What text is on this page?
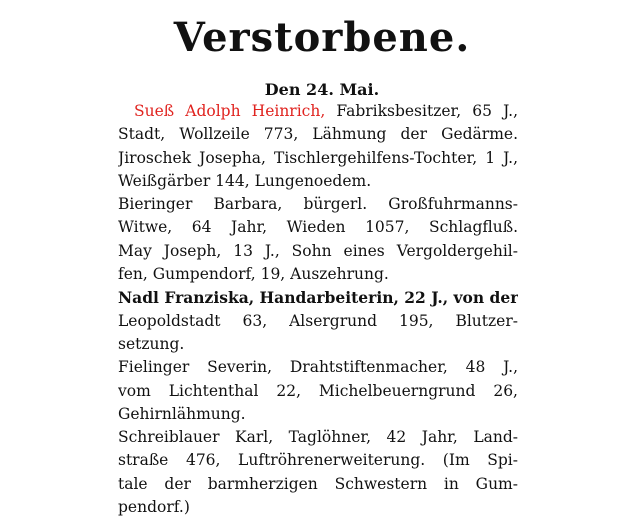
Verstorbene.
Den 24. Mai.
Sueß Adolph Heinrich, Fabriksbesitzer, 65 J.,
Stadt, Wollzeile 773, Lähmung der Gedärme.
Jiroschek Josepha, Tischlergehilfens-Tochter, 1 J.,
Weißgärber 144, Lungenoedem.
Bieringer Barbara, bürgerl. Großfuhrmanns-
Witwe, 64 Jahr, Wieden 1057, Schlagfluß.
May Joseph, 13 J., Sohn eines Vergoldergehil-
fen, Gumpendorf, 19, Auszehrung.
Nadl Franziska, Handarbeiterin, 22 J., von der
Leopoldstadt 63, Alsergrund 195, Blutzer-
setzung.
Fielinger Severin, Drahtstiftenmacher, 48 J.,
vom Lichtenthal 22, Michelbeuerngrund 26,
Gehirnlähmung.
Schreiblauer Karl, Taglöhner, 42 Jahr, Land-
straße 476, Luftröhrenerweiterung. (Im Spi-
tale der barmherzigen Schwestern in Gum-
pendorf.)
